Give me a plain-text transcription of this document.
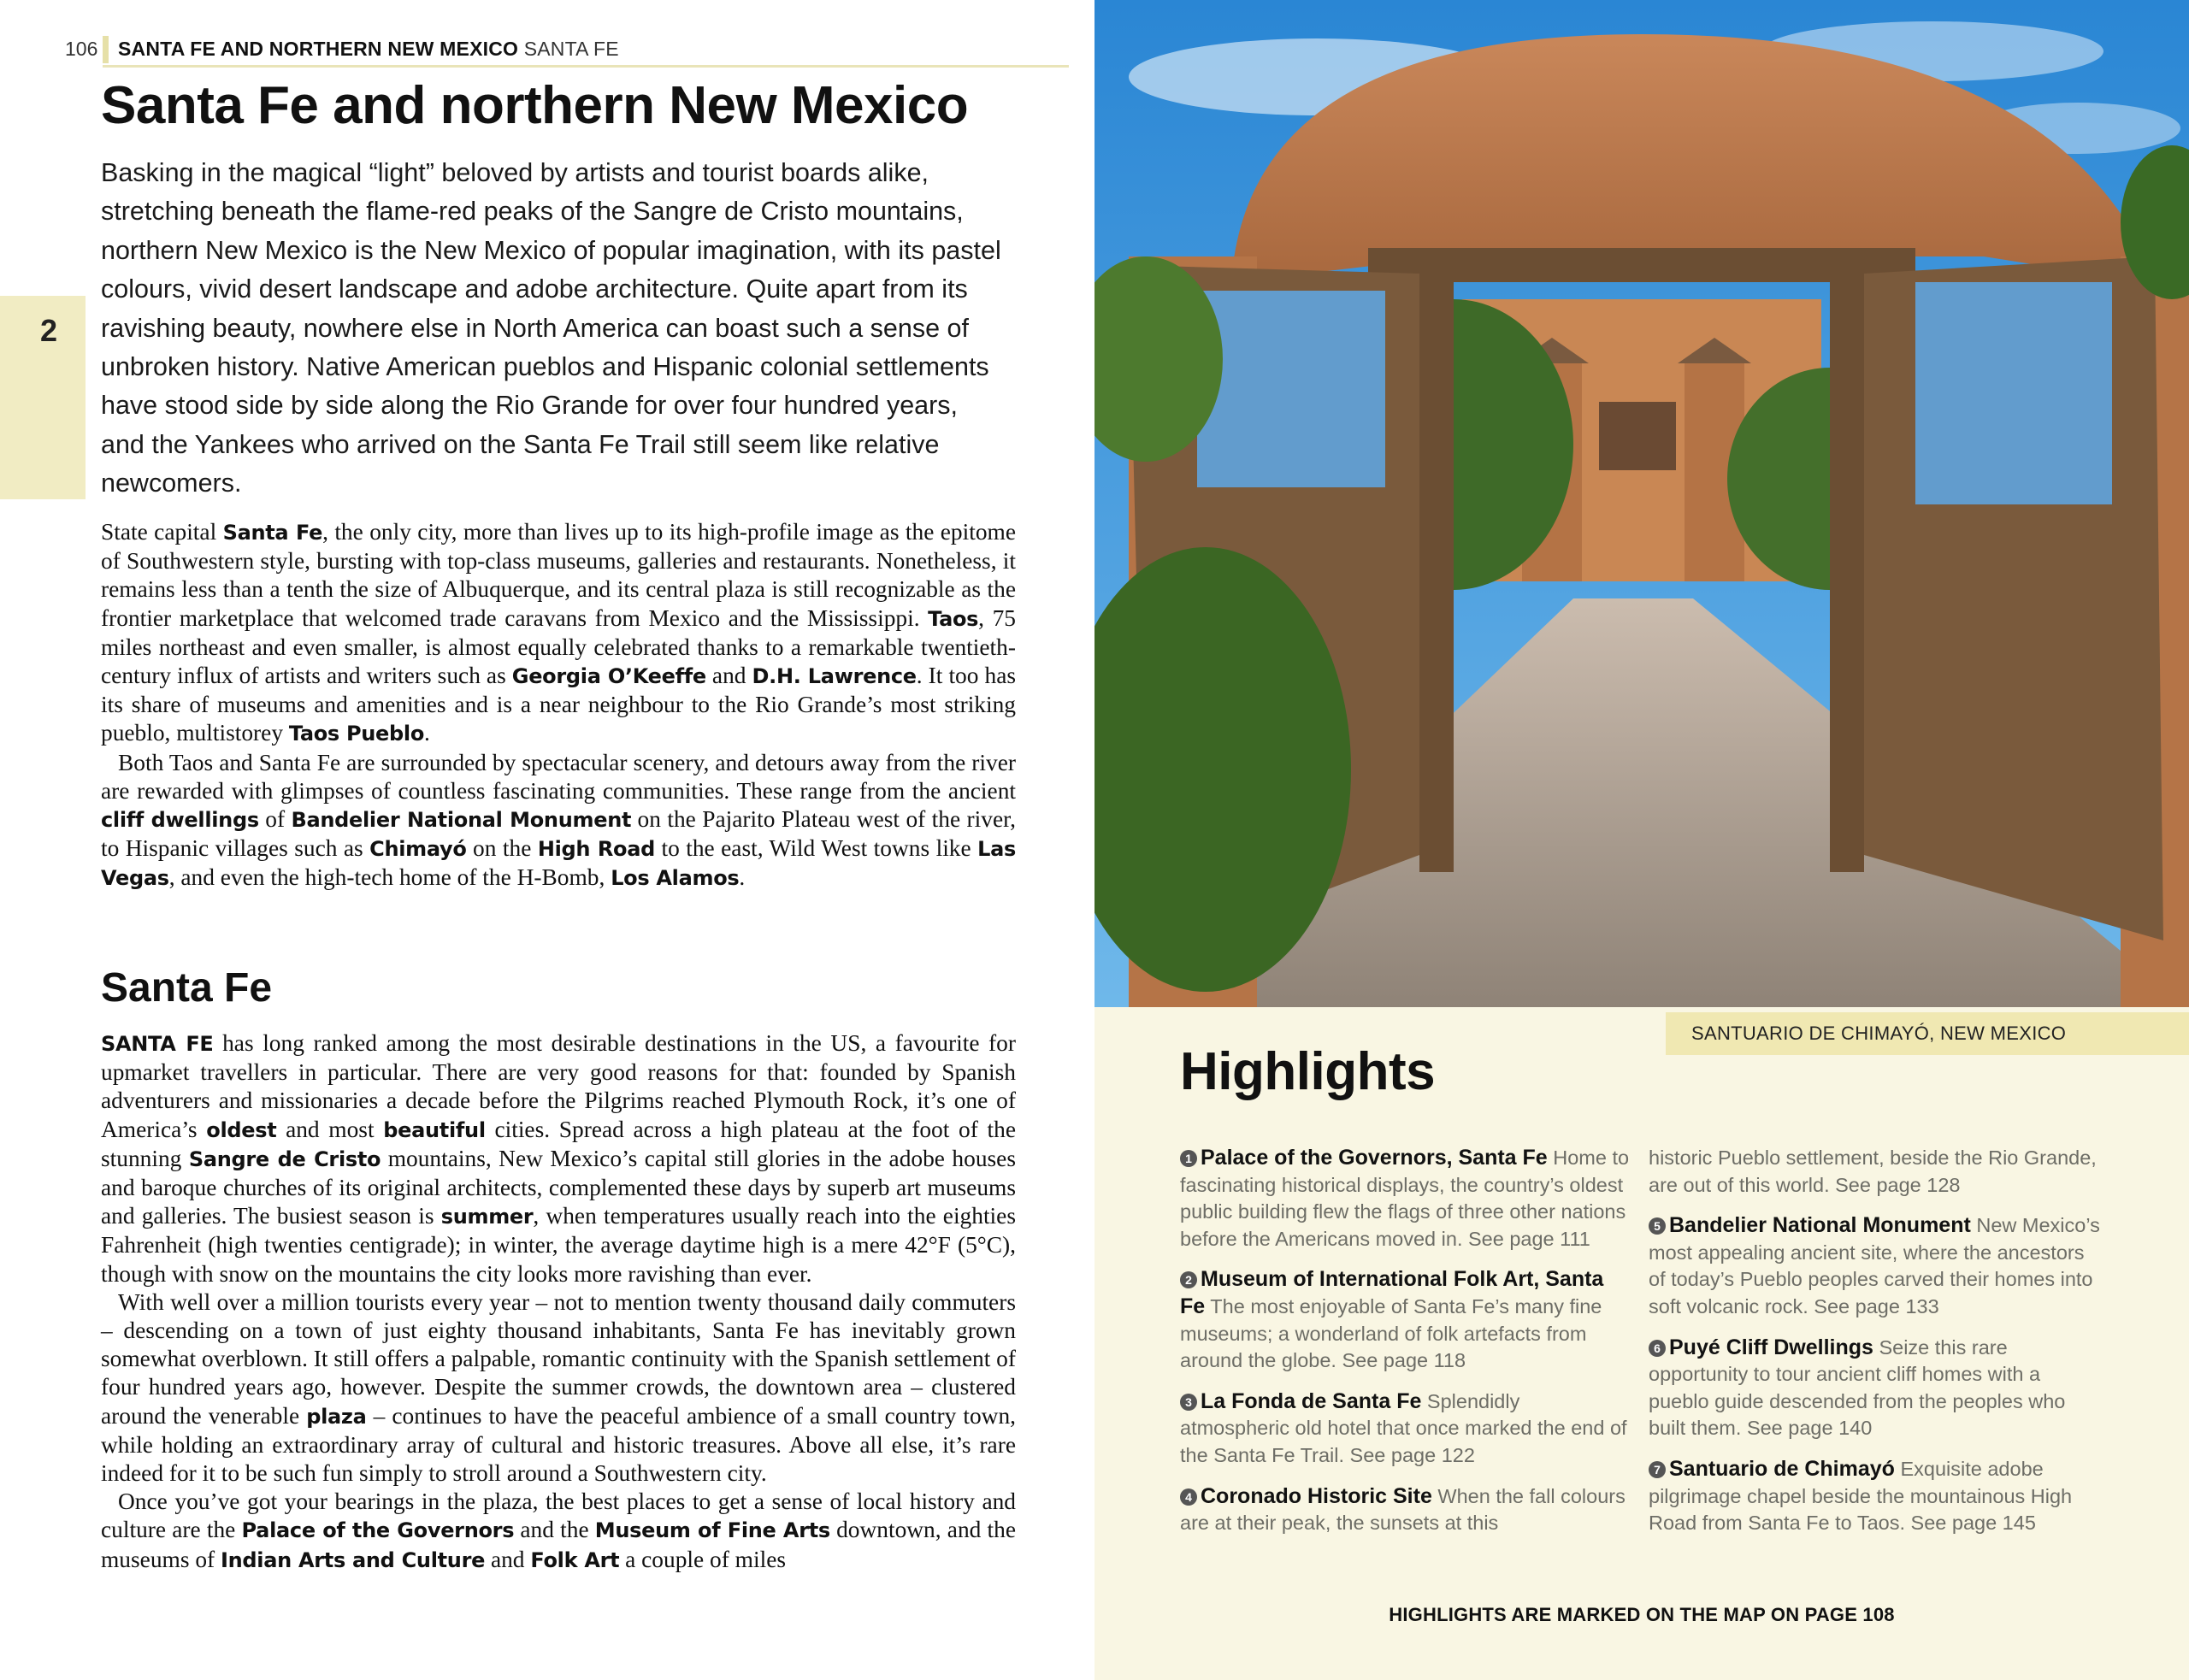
106 SANTA FE AND NORTHERN NEW MEXICO SANTA FE
2
Santa Fe and northern New Mexico

Basking in the magical “light” beloved by artists and tourist boards alike, stretching beneath the flame-red peaks of the Sangre de Cristo mountains, northern New Mexico is the New Mexico of popular imagination, with its pastel colours, vivid desert landscape and adobe architecture. Quite apart from its ravishing beauty, nowhere else in North America can boast such a sense of unbroken history. Native American pueblos and Hispanic colonial settlements have stood side by side along the Rio Grande for over four hundred years, and the Yankees who arrived on the Santa Fe Trail still seem like relative newcomers.

State capital Santa Fe, the only city, more than lives up to its high-profile image as the epitome of Southwestern style, bursting with top-class museums, galleries and restaurants. Nonetheless, it remains less than a tenth the size of Albuquerque, and its central plaza is still recognizable as the frontier marketplace that welcomed trade caravans from Mexico and the Mississippi. Taos, 75 miles northeast and even smaller, is almost equally celebrated thanks to a remarkable twentieth-century influx of artists and writers such as Georgia O’Keeffe and D.H. Lawrence. It too has its share of museums and amenities and is a near neighbour to the Rio Grande’s most striking pueblo, multistorey Taos Pueblo.

Both Taos and Santa Fe are surrounded by spectacular scenery, and detours away from the river are rewarded with glimpses of countless fascinating communities. These range from the ancient cliff dwellings of Bandelier National Monument on the Pajarito Plateau west of the river, to Hispanic villages such as Chimayó on the High Road to the east, Wild West towns like Las Vegas, and even the high-tech home of the H-Bomb, Los Alamos.

Santa Fe

SANTA FE has long ranked among the most desirable destinations in the US, a favourite for upmarket travellers in particular. There are very good reasons for that: founded by Spanish adventurers and missionaries a decade before the Pilgrims reached Plymouth Rock, it’s one of America’s oldest and most beautiful cities. Spread across a high plateau at the foot of the stunning Sangre de Cristo mountains, New Mexico’s capital still glories in the adobe houses and baroque churches of its original architects, complemented these days by superb art museums and galleries. The busiest season is summer, when temperatures usually reach into the eighties Fahrenheit (high twenties centigrade); in winter, the average daytime high is a mere 42°F (5°C), though with snow on the mountains the city looks more ravishing than ever.

With well over a million tourists every year – not to mention twenty thousand daily commuters – descending on a town of just eighty thousand inhabitants, Santa Fe has inevitably grown somewhat overblown. It still offers a palpable, romantic continuity with the Spanish settlement of four hundred years ago, however. Despite the summer crowds, the downtown area – clustered around the venerable plaza – continues to have the peaceful ambience of a small country town, while holding an extraordinary array of cultural and historic treasures. Above all else, it’s rare indeed for it to be such fun simply to stroll around a Southwestern city.

Once you’ve got your bearings in the plaza, the best places to get a sense of local history and culture are the Palace of the Governors and the Museum of Fine Arts downtown, and the museums of Indian Arts and Culture and Folk Art a couple of miles

SANTUARIO DE CHIMAYÓ, NEW MEXICO
Highlights
1 Palace of the Governors, Santa Fe Home to fascinating historical displays, the country’s oldest public building flew the flags of three other nations before the Americans moved in. See page 111
2 Museum of International Folk Art, Santa Fe The most enjoyable of Santa Fe’s many fine museums; a wonderland of folk artefacts from around the globe. See page 118
3 La Fonda de Santa Fe Splendidly atmospheric old hotel that once marked the end of the Santa Fe Trail. See page 122
4 Coronado Historic Site When the fall colours are at their peak, the sunsets at this
historic Pueblo settlement, beside the Rio Grande, are out of this world. See page 128
5 Bandelier National Monument New Mexico’s most appealing ancient site, where the ancestors of today’s Pueblo peoples carved their homes into soft volcanic rock. See page 133
6 Puyé Cliff Dwellings Seize this rare opportunity to tour ancient cliff homes with a pueblo guide descended from the peoples who built them. See page 140
7 Santuario de Chimayó Exquisite adobe pilgrimage chapel beside the mountainous High Road from Santa Fe to Taos. See page 145
HIGHLIGHTS ARE MARKED ON THE MAP ON PAGE 108
